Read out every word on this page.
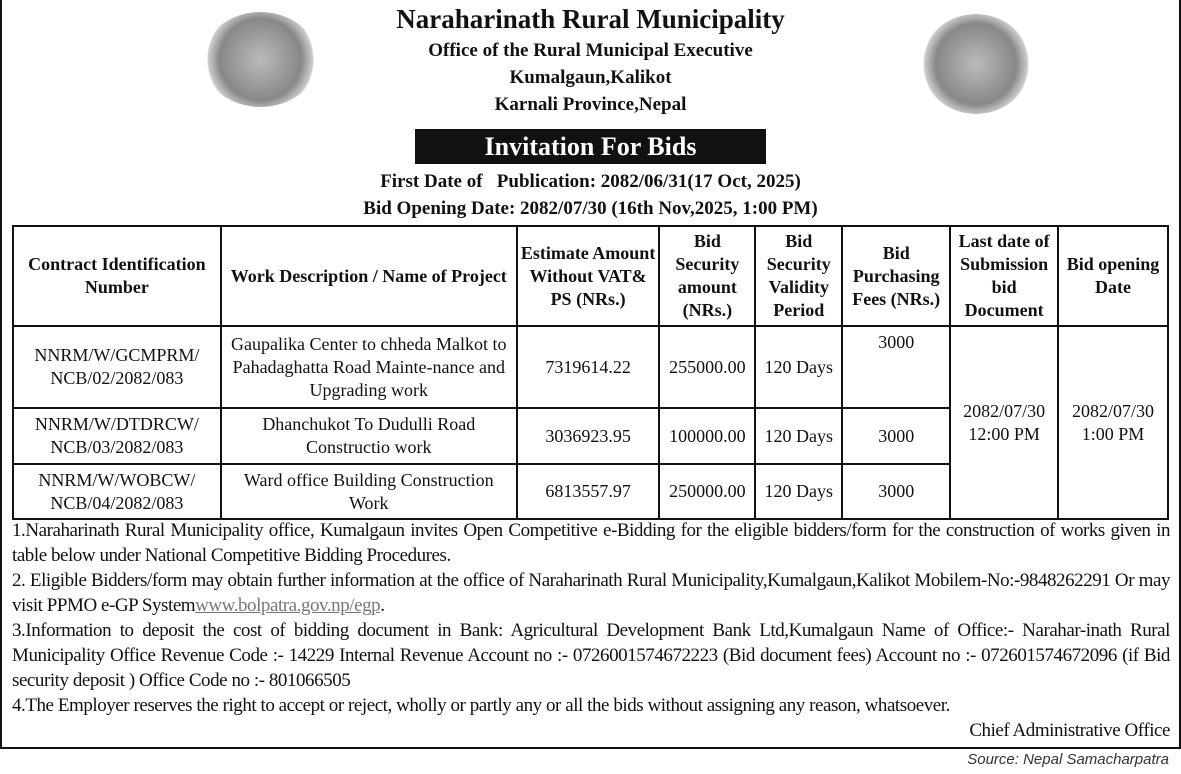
Naraharinath Rural Municipality
Office of the Rural Municipal Executive
Kumalgaun,Kalikot
Karnali Province,Nepal
Invitation For Bids
First Date of   Publication: 2082/06/31(17 Oct, 2025)
Bid Opening Date: 2082/07/30 (16th Nov,2025, 1:00 PM)
Contract Identification Number	Work Description / Name of Project	Estimate Amount Without VAT& PS (NRs.)	Bid Security amount (NRs.)	Bid Security Validity Period	Bid Purchasing Fees (NRs.)	Last date of Submission bid Document	Bid opening Date
NNRM/W/GCMPRM/ NCB/02/2082/083	Gaupalika Center to chheda Malkot to Pahadaghatta Road Mainte-nance and Upgrading work	7319614.22	255000.00	120 Days	3000	2082/07/30 12:00 PM	2082/07/30 1:00 PM
NNRM/W/DTDRCW/ NCB/03/2082/083	Dhanchukot To Dudulli Road Constructio work	3036923.95	100000.00	120 Days	3000		
NNRM/W/WOBCW/ NCB/04/2082/083	Ward office Building Construction Work	6813557.97	250000.00	120 Days	3000		

1.Naraharinath Rural Municipality office, Kumalgaun invites Open Competitive e-Bidding for the eligible bidders/form for the construction of works given in table below under National Competitive Bidding Procedures.

2. Eligible Bidders/form may obtain further information at the office of Naraharinath Rural Municipality,Kumalgaun,Kalikot Mobilem-No:-9848262291 Or may visit PPMO e-GP Systemwww.bolpatra.gov.np/egp.

3.Information to deposit the cost of bidding document in Bank: Agricultural Development Bank Ltd,Kumalgaun Name of Office:- Narahar-inath Rural Municipality Office Revenue Code :- 14229 Internal Revenue Account no :- 0726001574672223 (Bid document fees) Account no :- 072601574672096 (if Bid security deposit ) Office Code no :- 801066505

4.The Employer reserves the right to accept or reject, wholly or partly any or all the bids without assigning any reason, whatsoever.

Chief Administrative Office

Source: Nepal Samacharpatra
